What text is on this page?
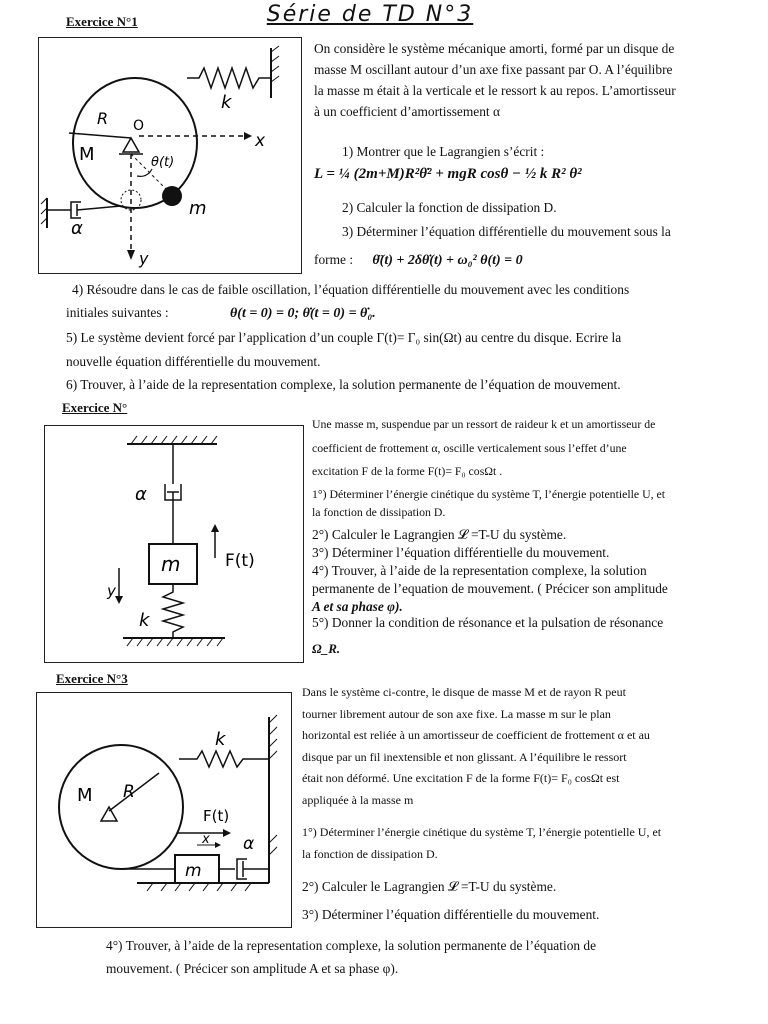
Série de TD N°3
Exercice N°1
R O
x
k
M	θ(t)
m
α
y
On considère le système mécanique amorti, formé par un disque de
masse M oscillant autour d’un axe fixe passant par O. A l’équilibre
la masse m était à la verticale et le ressort k au repos. L’amortisseur
à un coefficient d’amortissement α
1) Montrer que le Lagrangien s’écrit :
L = ¼ (2m+M)R²θ̇² + mgR cosθ − ½ k R² θ²
2) Calculer la fonction de dissipation D.
3) Déterminer l’équation différentielle du mouvement sous la
forme : θ̈(t) + 2δθ̇(t) + ω₀² θ(t) = 0
4) Résoudre dans le cas de faible oscillation, l’équation différentielle du mouvement avec les conditions
initiales suivantes :	θ(t = 0) = 0; θ̇(t = 0) = θ̇₀.
5) Le système devient forcé par l’application d’un couple Γ(t)= Γ₀ sin(Ωt) au centre du disque. Ecrire la
nouvelle équation différentielle du mouvement.
6) Trouver, à l’aide de la representation complexe, la solution permanente de l’équation de mouvement.
Exercice N°
α
m	F(t)
y
k
Une masse m, suspendue par un ressort de raideur k et un amortisseur de
coefficient de frottement α, oscille verticalement sous l’effet d’une
excitation F de la forme F(t)= F₀ cosΩt .
1°) Déterminer l’énergie cinétique du système T, l’énergie potentielle U, et
la fonction de dissipation D.
2°) Calculer le Lagrangien 𝓛 =T-U du système.
3°) Déterminer l’équation différentielle du mouvement.
4°) Trouver, à l’aide de la representation complexe, la solution
permanente de l’equation de mouvement. ( Précicer son amplitude
A et sa phase φ).
5°) Donner la condition de résonance et la pulsation de résonance
Ω_R.
Exercice N°3
k
M R
F(t)
x
m
α
Dans le système ci-contre, le disque de masse M et de rayon R peut
tourner librement autour de son axe fixe. La masse m sur le plan
horizontal est reliée à un amortisseur de coefficient de frottement α et au
disque par un fil inextensible et non glissant. A l’équilibre le ressort
était non déformé. Une excitation F de la forme F(t)= F₀ cosΩt est
appliquée à la masse m
1°) Déterminer l’énergie cinétique du système T, l’énergie potentielle U, et
la fonction de dissipation D.
2°) Calculer le Lagrangien 𝓛 =T-U du système.
3°) Déterminer l’équation différentielle du mouvement.
4°) Trouver, à l’aide de la representation complexe, la solution permanente de l’équation de
mouvement. ( Précicer son amplitude A et sa phase φ).
